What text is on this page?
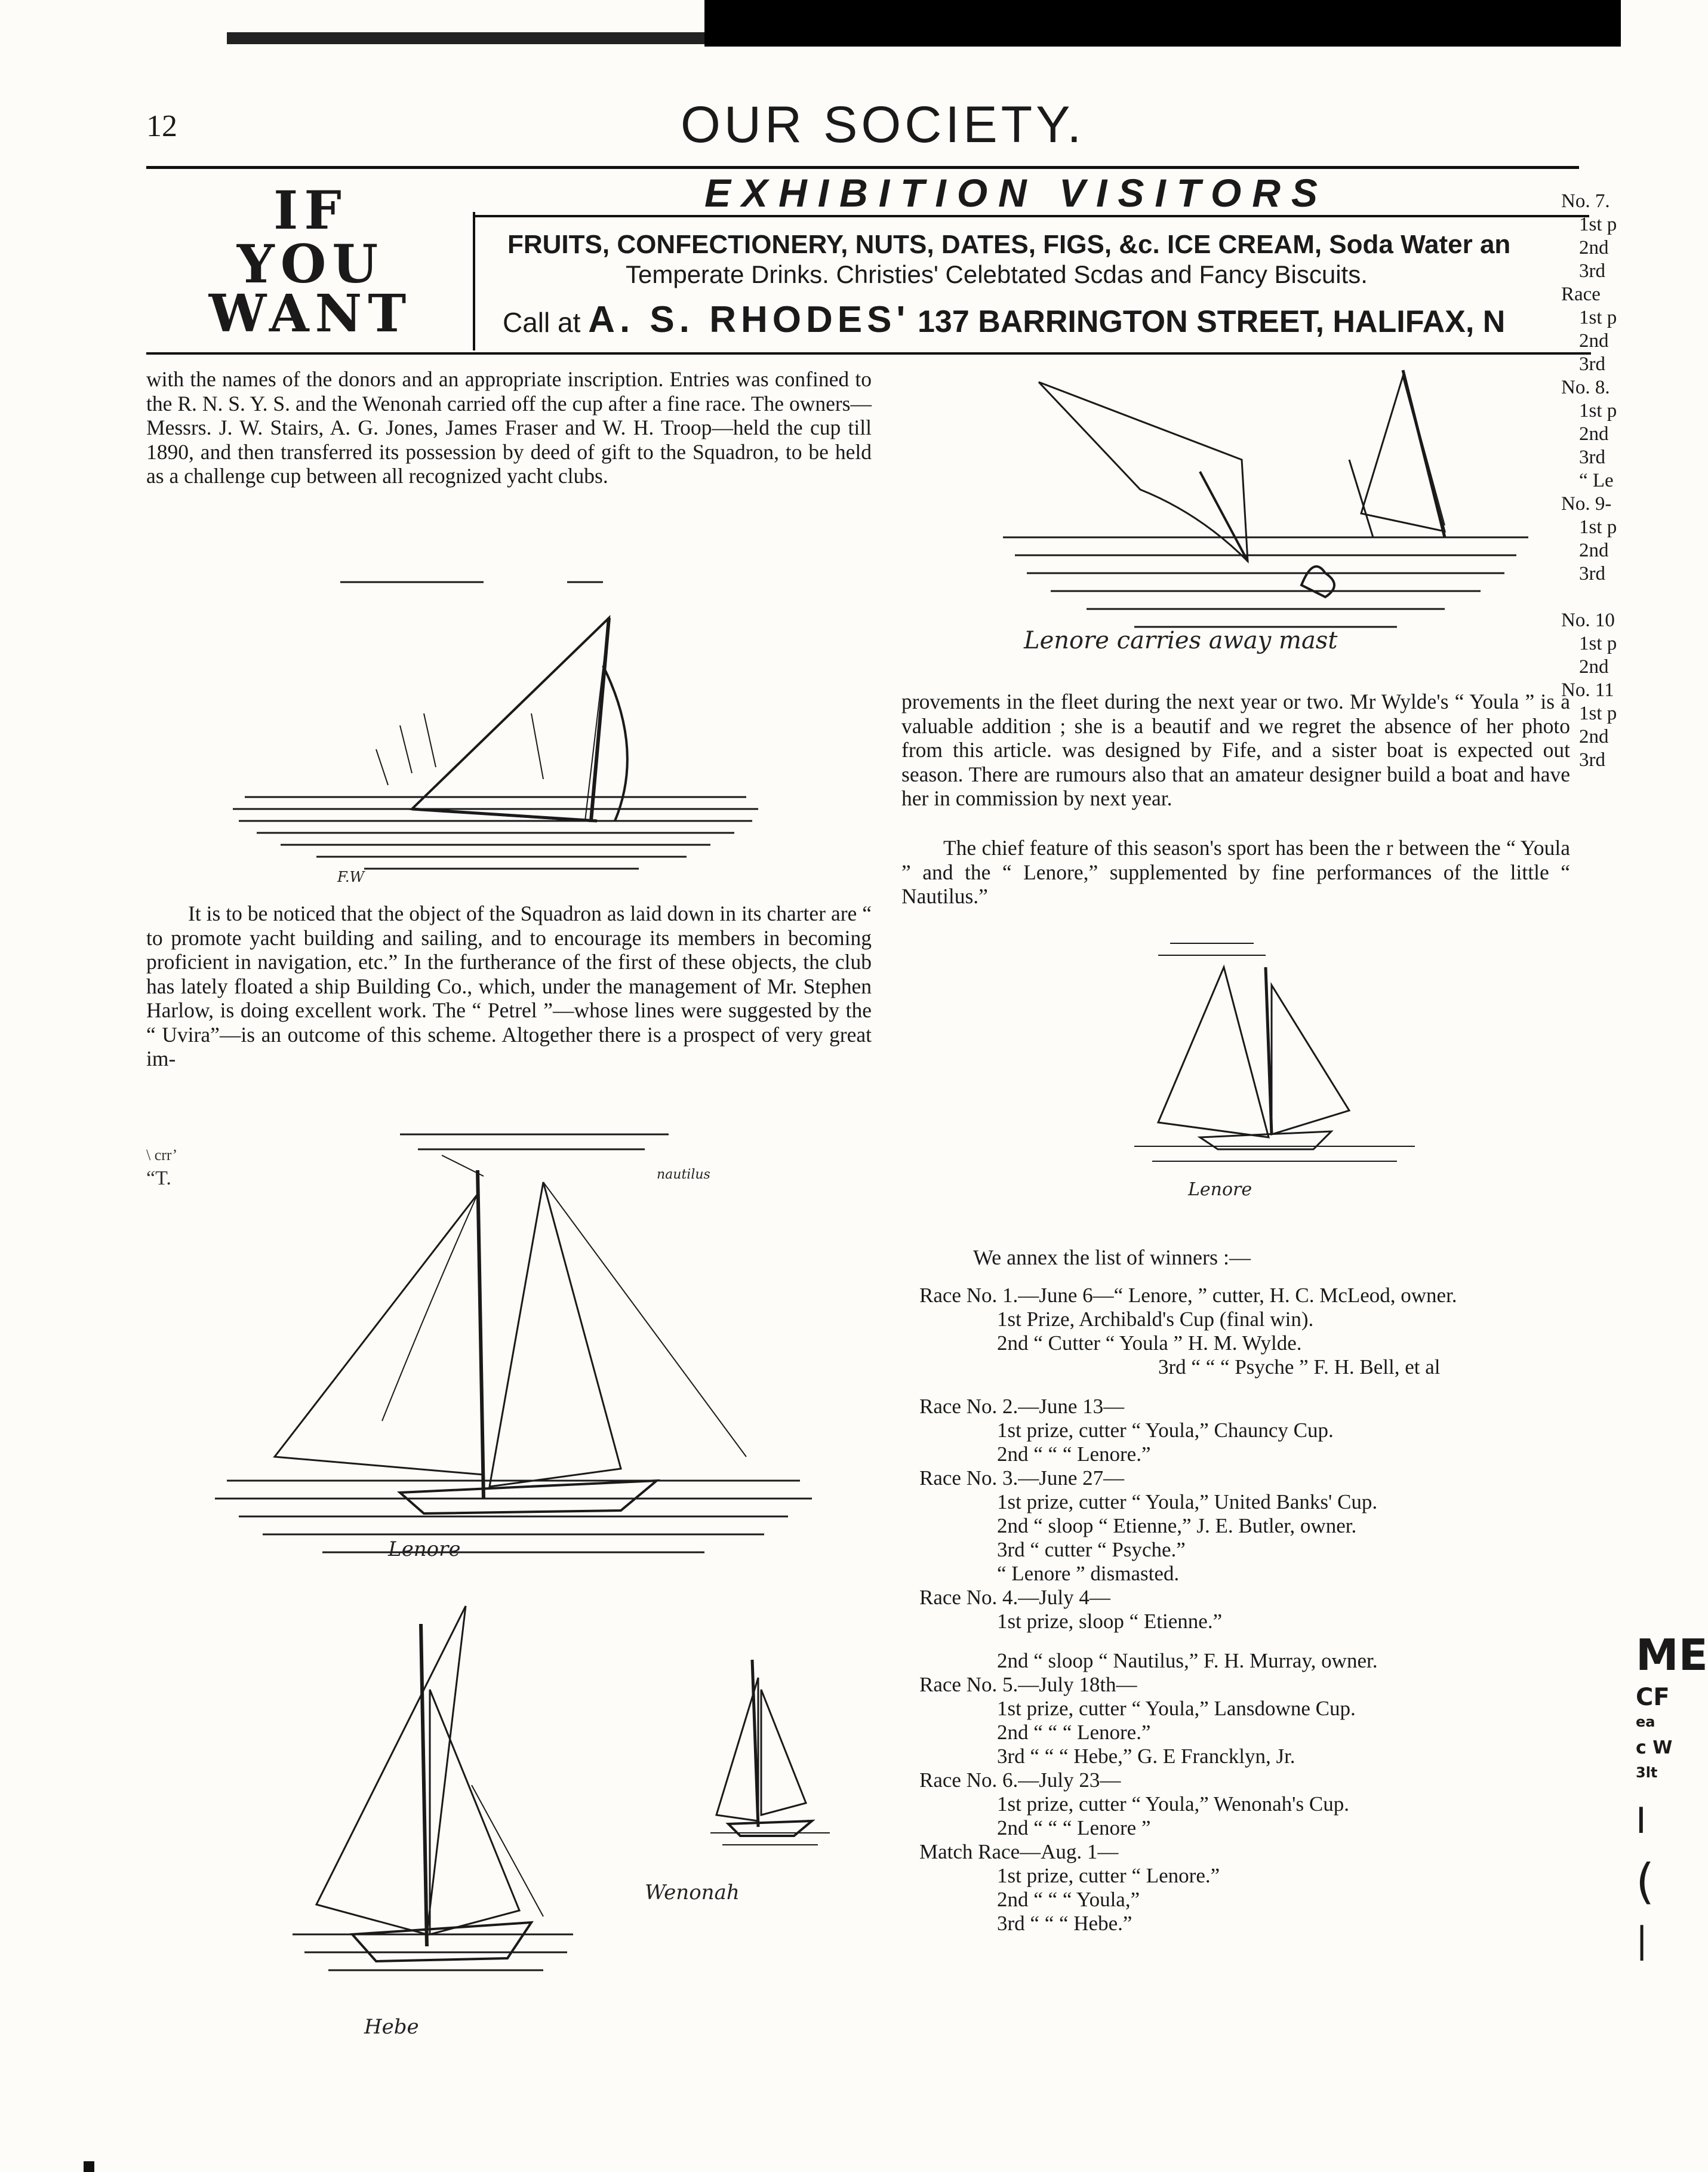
12	OUR SOCIETY.
IF
YOU
WANT
EXHIBITION VISITORS
FRUITS, CONFECTIONERY, NUTS, DATES, FIGS, &c. ICE CREAM, Soda Water an
Temperate Drinks. Christies' Celebtated Scdas and Fancy Biscuits.
Call at A. S. RHODES' 137 BARRINGTON STREET, HALIFAX, N

with the names of the donors and an appropriate inscription. Entries was confined to the R. N. S. Y. S. and the Wenonah carried off the cup after a fine race. The owners—Messrs. J. W. Stairs, A. G. Jones, James Fraser and W. H. Troop—held the cup till 1890, and then transferred its possession by deed of gift to the Squadron, to be held as a challenge cup between all recognized yacht clubs.

F.W

It is to be noticed that the object of the Squadron as laid down in its charter are “ to promote yacht building and sailing, and to encourage its members in becoming proficient in navigation, etc.” In the furtherance of the first of these objects, the club has lately floated a ship Building Co., which, under the management of Mr. Stephen Harlow, is doing excellent work. The “ Petrel ”—whose lines were suggested by the “ Uvira”—is an outcome of this scheme. Altogether there is a prospect of very great im-

\ crr’
“T.	nautilus
Lenore
Hebe
Wenonah
Lenore carries away mast

provements in the fleet during the next year or two. Mr Wylde's “ Youla ” is a valuable addition ; she is a beautif and we regret the absence of her photo from this article. was designed by Fife, and a sister boat is expected out season. There are rumours also that an amateur designer build a boat and have her in commission by next year.

The chief feature of this season's sport has been the r between the “ Youla ” and the “ Lenore,” supplemented by fine performances of the little “ Nautilus.”

Lenore
We annex the list of winners :—
Race No. 1.—June 6—“ Lenore, ” cutter, H. C. McLeod, owner.
1st Prize, Archibald's Cup (final win).
2nd “ Cutter “ Youla ” H. M. Wylde.
3rd “ “ “ Psyche ” F. H. Bell, et al
Race No. 2.—June 13—
1st prize, cutter “ Youla,” Chauncy Cup.
2nd “ “ “ Lenore.”
Race No. 3.—June 27—
1st prize, cutter “ Youla,” United Banks' Cup.
2nd “ sloop “ Etienne,” J. E. Butler, owner.
3rd “ cutter “ Psyche.”
“ Lenore ” dismasted.
Race No. 4.—July 4—
1st prize, sloop “ Etienne.”
2nd “ sloop “ Nautilus,” F. H. Murray, owner.
Race No. 5.—July 18th—
1st prize, cutter “ Youla,” Lansdowne Cup.
2nd “ “ “ Lenore.”
3rd “ “ “ Hebe,” G. E Francklyn, Jr.
Race No. 6.—July 23—
1st prize, cutter “ Youla,” Wenonah's Cup.
2nd “ “ “ Lenore ”
Match Race—Aug. 1—
1st prize, cutter “ Lenore.”
2nd “ “ “ Youla,”
3rd “ “ “ Hebe.”
No. 7.
1st p
2nd
3rd
Race
1st p
2nd
3rd
No. 8.
1st p
2nd
3rd
“ Le
No. 9-
1st p
2nd
3rd
No. 10
1st p
2nd
No. 11
1st p
2nd
3rd
ME
CF
ea
c W
3lt
I
(
|
